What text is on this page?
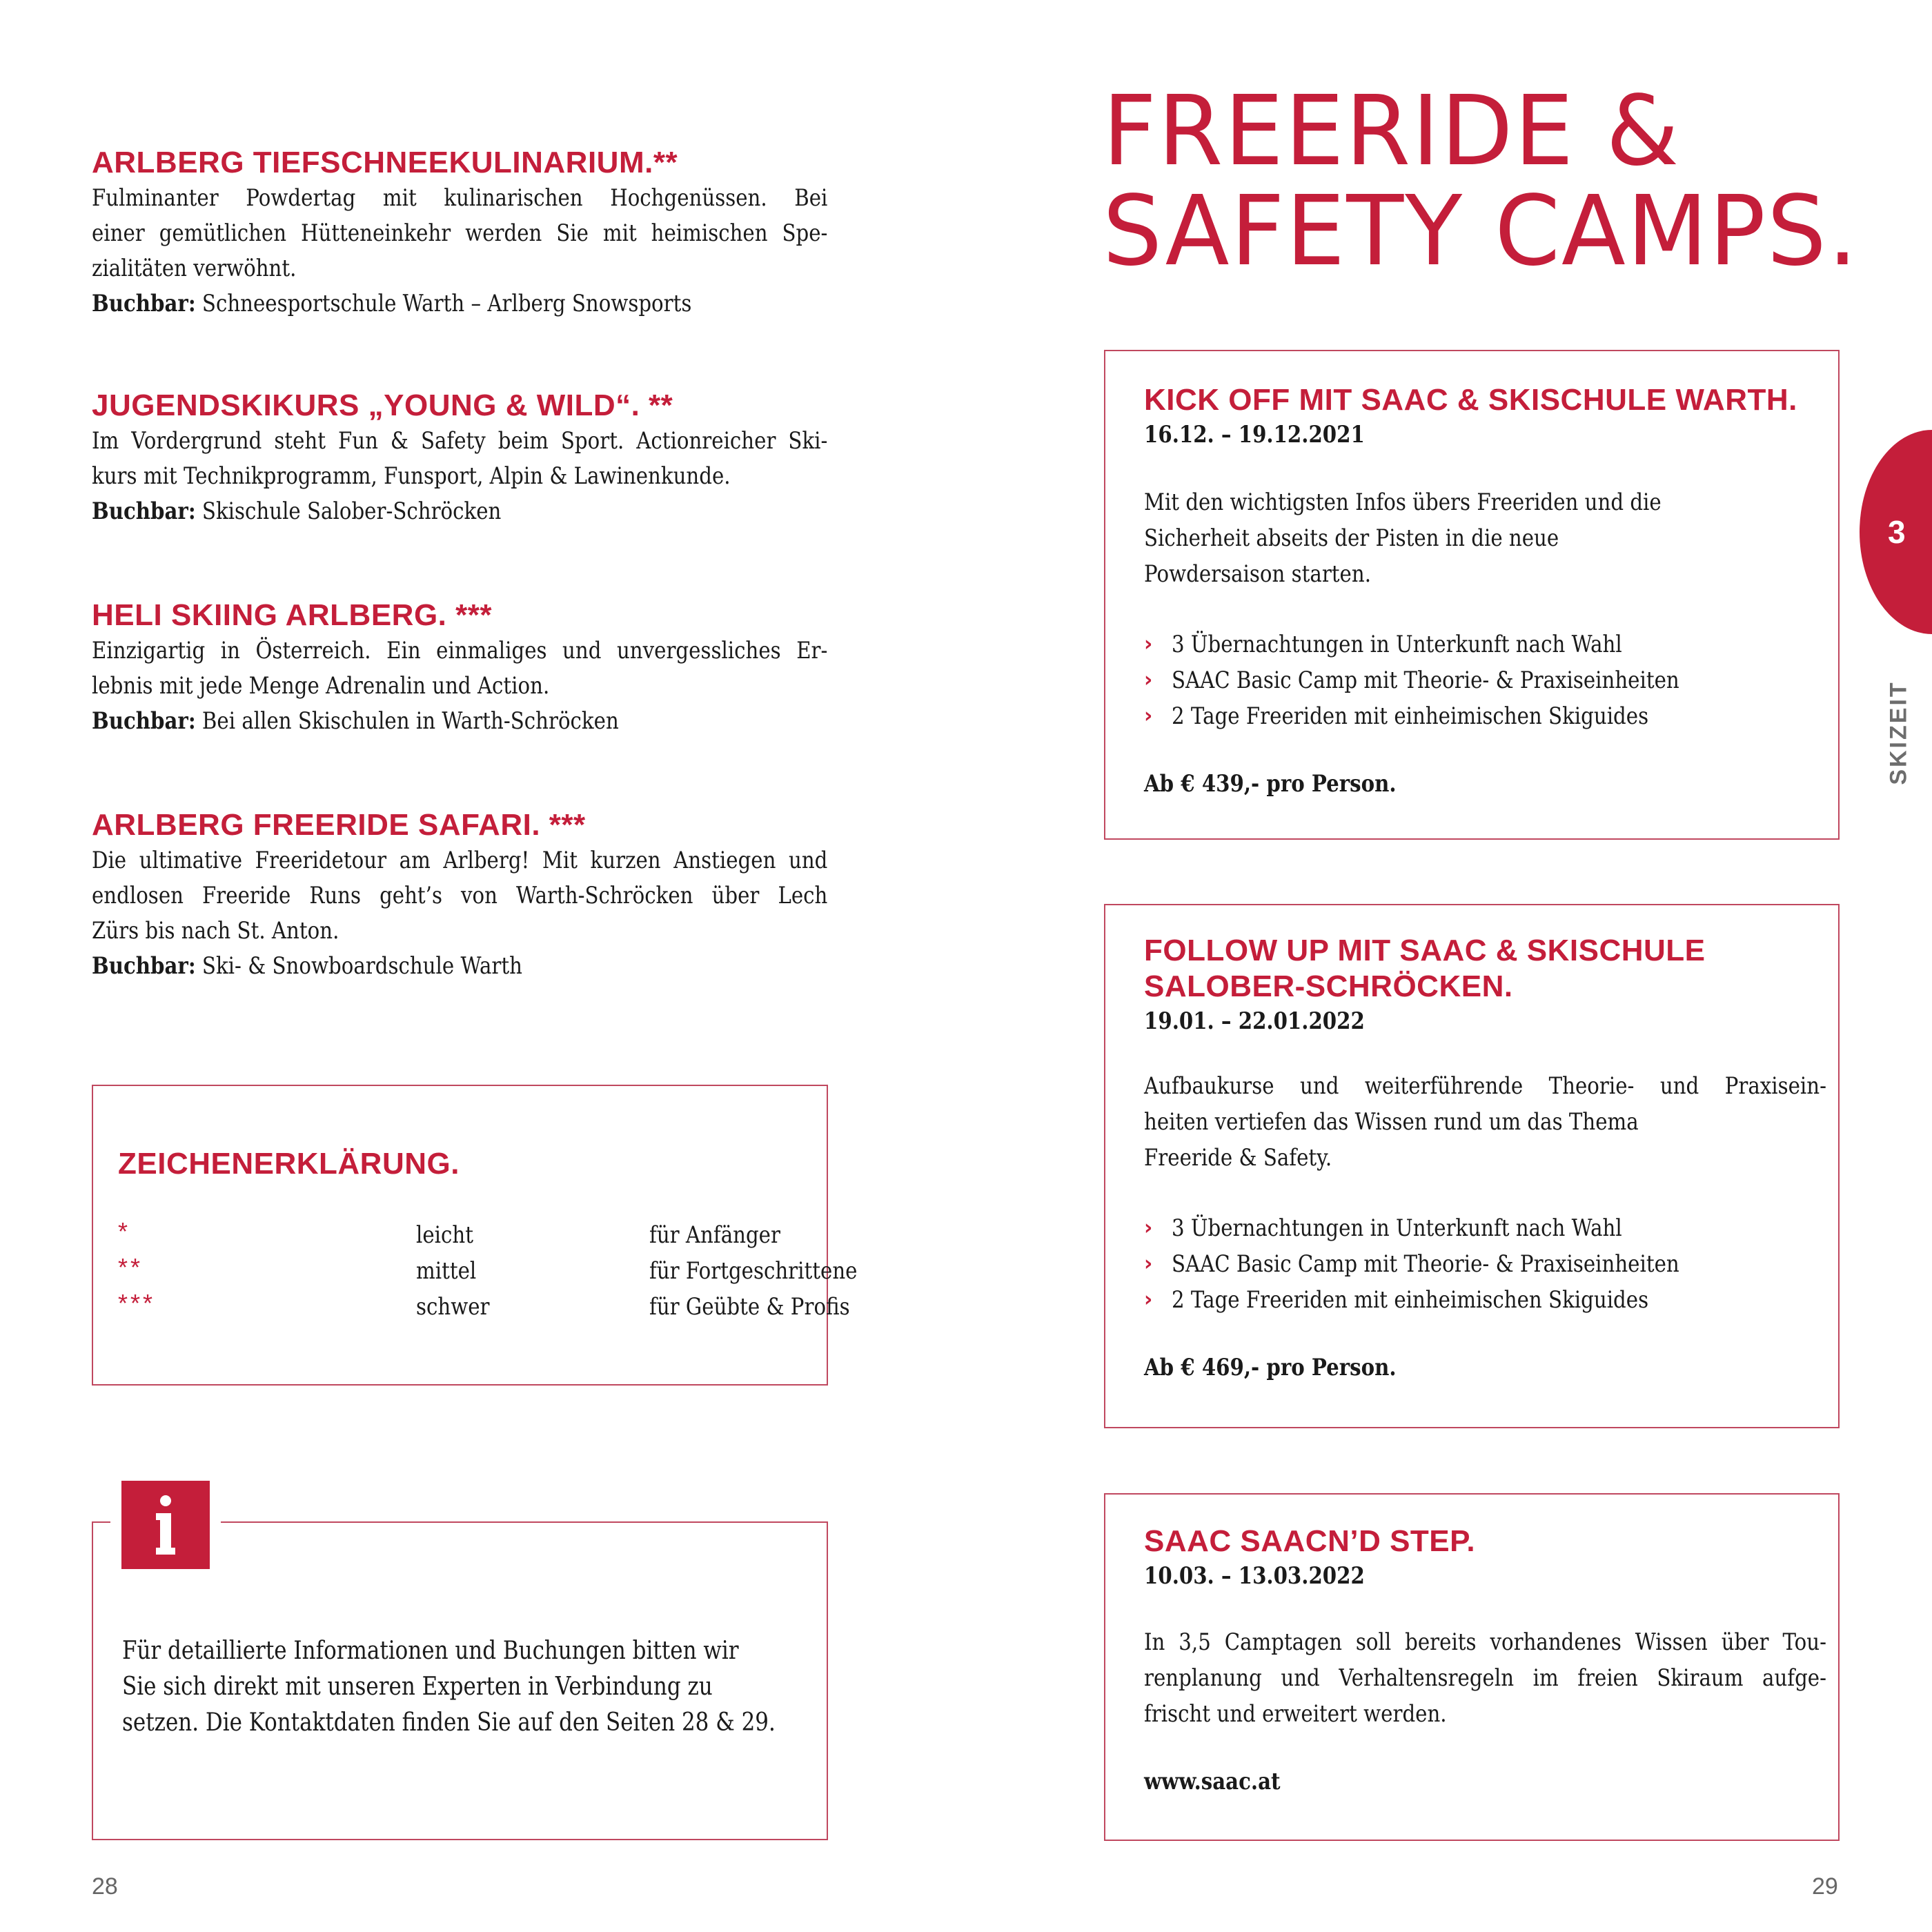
ARLBERG TIEFSCHNEEKULINARIUM.**
Fulminanter Powdertag mit kulinarischen Hochgenüssen. Bei
einer gemütlichen Hütteneinkehr werden Sie mit heimischen Spe-
zialitäten verwöhnt.
Buchbar: Schneesportschule Warth – Arlberg Snowsports
JUGENDSKIKURS „YOUNG & WILD“. **
Im Vordergrund steht Fun & Safety beim Sport. Actionreicher Ski-
kurs mit Technikprogramm, Funsport, Alpin & Lawinenkunde.
Buchbar: Skischule Salober-Schröcken
HELI SKIING ARLBERG. ***
Einzigartig in Österreich. Ein einmaliges und unvergessliches Er-
lebnis mit jede Menge Adrenalin und Action.
Buchbar: Bei allen Skischulen in Warth-Schröcken
ARLBERG FREERIDE SAFARI. ***
Die ultimative Freeridetour am Arlberg! Mit kurzen Anstiegen und
endlosen Freeride Runs geht’s von Warth-Schröcken über Lech
Zürs bis nach St. Anton.
Buchbar: Ski- & Snowboardschule Warth
ZEICHENERKLÄRUNG.
*	leicht	für Anfänger
**	mittel	für Fortgeschrittene
***	schwer	für Geübte & Profis
Für detaillierte Informationen und Buchungen bitten wir
Sie sich direkt mit unseren Experten in Verbindung zu
setzen. Die Kontaktdaten finden Sie auf den Seiten 28 & 29.
28
FREERIDE &
SAFETY CAMPS.
KICK OFF MIT SAAC & SKISCHULE WARTH.
16.12. – 19.12.2021
Mit den wichtigsten Infos übers Freeriden und die
Sicherheit abseits der Pisten in die neue
Powdersaison starten.
› 3 Übernachtungen in Unterkunft nach Wahl
› SAAC Basic Camp mit Theorie- & Praxiseinheiten
› 2 Tage Freeriden mit einheimischen Skiguides
Ab € 439,- pro Person.
FOLLOW UP MIT SAAC & SKISCHULE
SALOBER-SCHRÖCKEN.
19.01. – 22.01.2022
Aufbaukurse und weiterführende Theorie- und Praxisein-
heiten vertiefen das Wissen rund um das Thema
Freeride & Safety.
› 3 Übernachtungen in Unterkunft nach Wahl
› SAAC Basic Camp mit Theorie- & Praxiseinheiten
› 2 Tage Freeriden mit einheimischen Skiguides
Ab € 469,- pro Person.
SAAC SAACN’D STEP.
10.03. – 13.03.2022
In 3,5 Camptagen soll bereits vorhandenes Wissen über Tou-
renplanung und Verhaltensregeln im freien Skiraum aufge-
frischt und erweitert werden.
www.saac.at
3
SKIZEIT
29
